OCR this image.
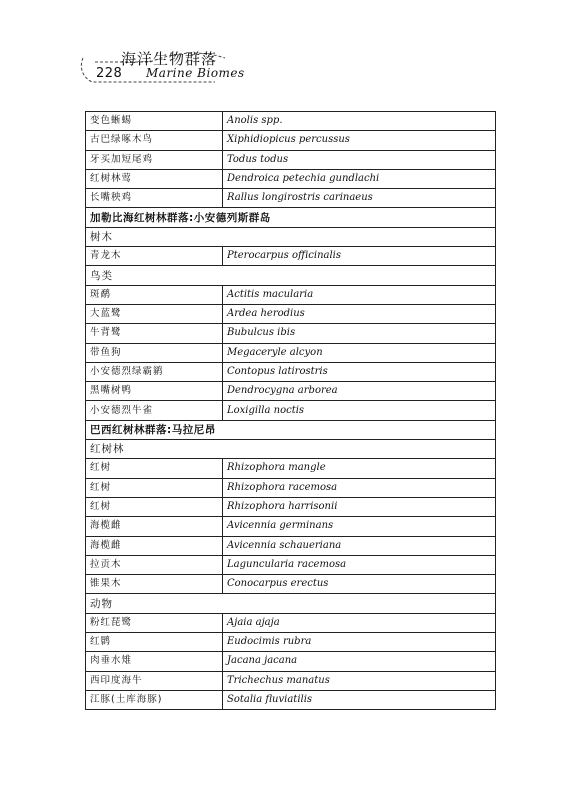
228
海洋生物群落
Marine Biomes
变色蜥蜴	Anolis spp.
古巴绿啄木鸟	Xiphidiopicus percussus
牙买加短尾鸡	Todus todus
红树林莺	Dendroica petechia gundlachi
长嘴秧鸡	Rallus longirostris carinaeus
加勒比海红树林群落:小安德列斯群岛	
树木	
青龙木	Pterocarpus officinalis
鸟类	
斑鹬	Actitis macularia
大蓝鹭	Ardea herodius
牛背鹭	Bubulcus ibis
带鱼狗	Megaceryle alcyon
小安德烈绿霸鹟	Contopus latirostris
黑嘴树鸭	Dendrocygna arborea
小安德烈牛雀	Loxigilla noctis
巴西红树林群落:马拉尼昂	
红树林	
红树	Rhizophora mangle
红树	Rhizophora racemosa
红树	Rhizophora harrisonii
海榄雌	Avicennia germinans
海榄雌	Avicennia schaueriana
拉贡木	Laguncularia racemosa
锥果木	Conocarpus erectus
动物	
粉红琵鹭	Ajaia ajaja
红鹮	Eudocimis rubra
肉垂水雉	Jacana jacana
西印度海牛	Trichechus manatus
江豚(土库海豚)	Sotalia fluviatilis
